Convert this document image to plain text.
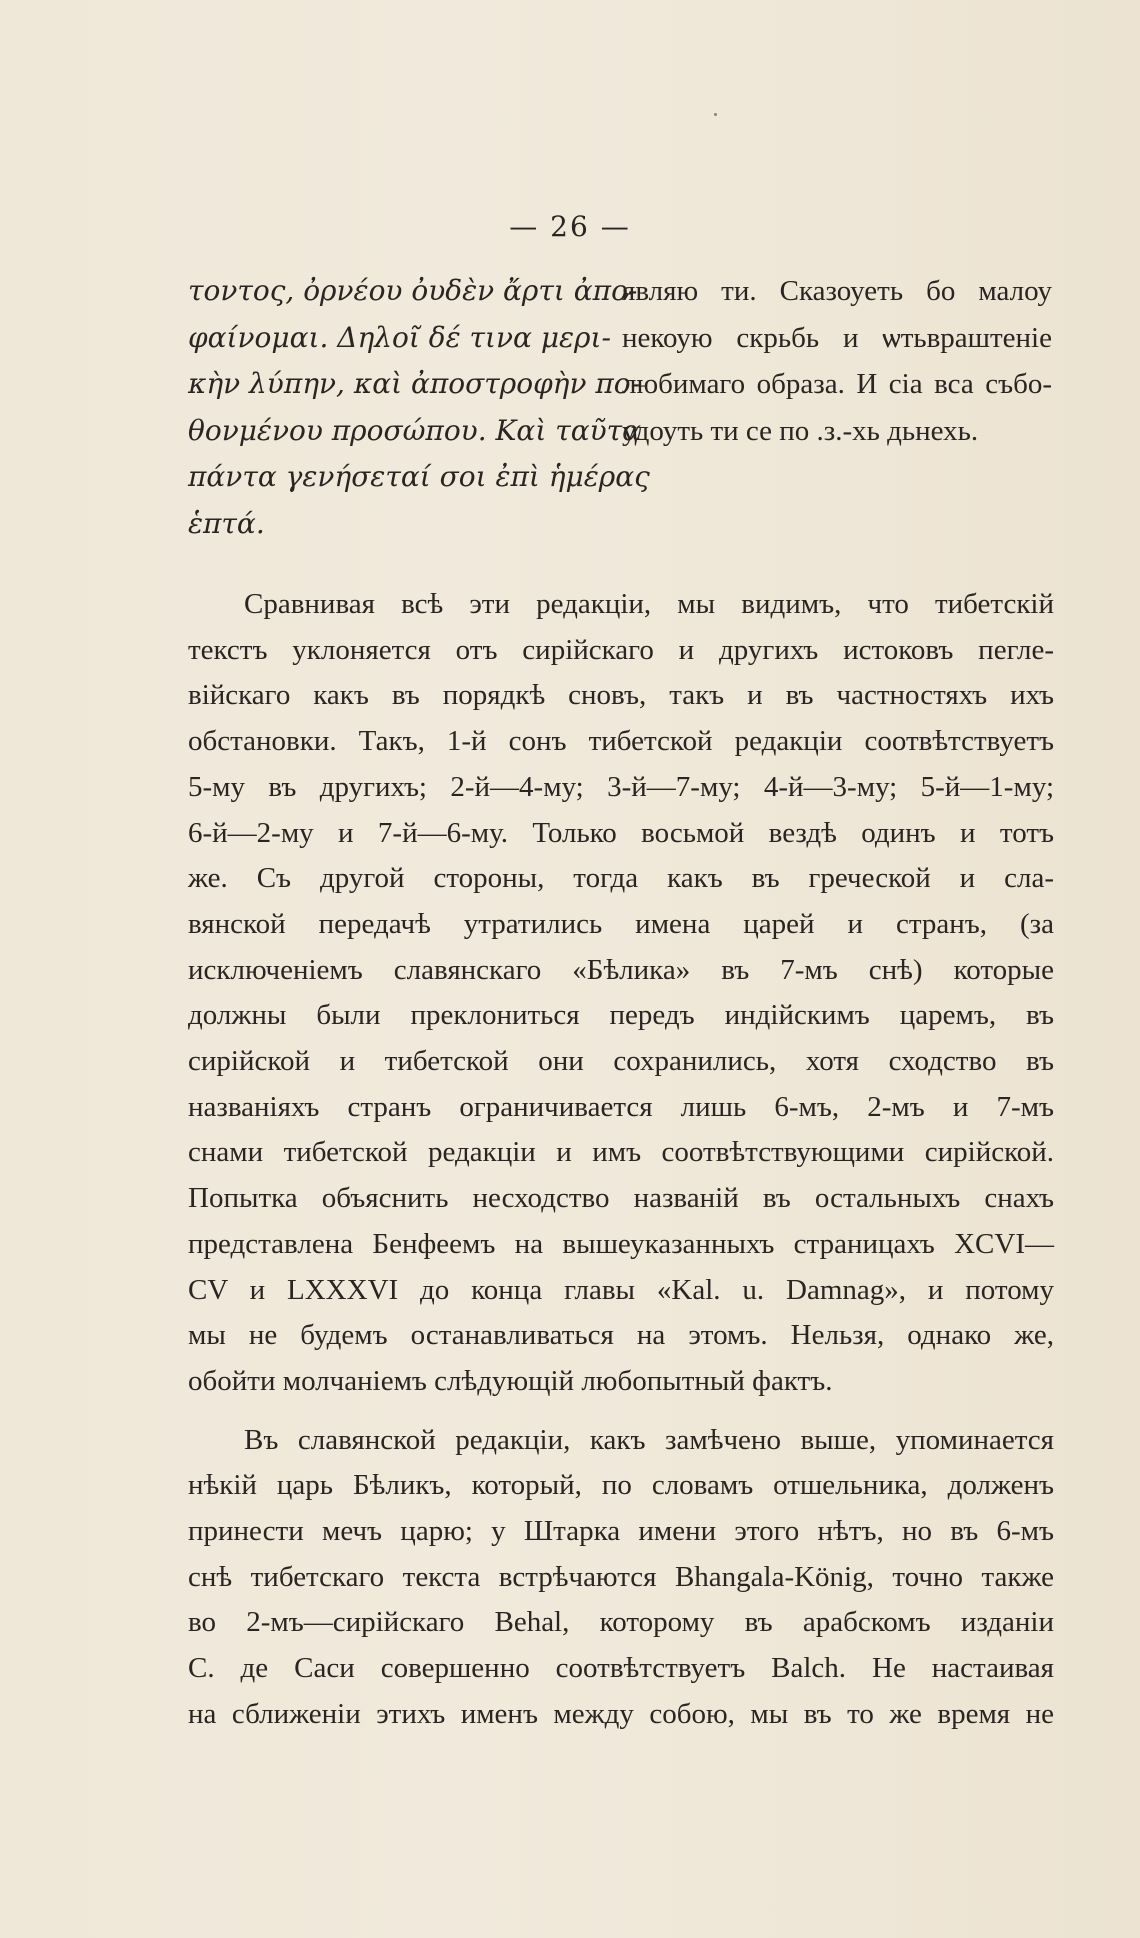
— 26 —
τοντος, ὀρνέου ὀυδὲν ἄρτι ἀπο-
φαίνομαι. Δηλοῖ δέ τινα μερι-
κὴν λύπην, καὶ ἀποστροφὴν πο-
θονμένου προσώπου. Καὶ ταῦτα
πάντα γενήσεταί σοι ἐπὶ ἡμέρας
ἑπτά.
являю ти. Сказоуеть бо малоу
некоую скрьбь и ѡтьвраштеніе
любимаго образа. И сіа вса събо-
удоуть ти се по .з.-хь дьнехь.

Сравнивая всѣ эти редакціи, мы видимъ, что тибетскій
текстъ уклоняется отъ сирійскаго и другихъ истоковъ пегле-
війскаго какъ въ порядкѣ сновъ, такъ и въ частностяхъ ихъ
обстановки. Такъ, 1-й сонъ тибетской редакціи соотвѣтствуетъ
5-му въ другихъ; 2-й—4-му; 3-й—7-му; 4-й—3-му; 5-й—1-му;
6-й—2-му и 7-й—6-му. Только восьмой вездѣ одинъ и тотъ
же. Съ другой стороны, тогда какъ въ греческой и сла-
вянской передачѣ утратились имена царей и странъ, (за
исключеніемъ славянскаго «Бѣлика» въ 7-мъ снѣ) которые
должны были преклониться передъ индійскимъ царемъ, въ
сирійской и тибетской они сохранились, хотя сходство въ
названіяхъ странъ ограничивается лишь 6-мъ, 2-мъ и 7-мъ
снами тибетской редакціи и имъ соотвѣтствующими сирійской.
Попытка объяснить несходство названій въ остальныхъ снахъ
представлена Бенфеемъ на вышеуказанныхъ страницахъ XCVI—
CV и LXXXVI до конца главы «Kal. u. Damnag», и потому
мы не будемъ останавливаться на этомъ. Нельзя, однако же,
обойти молчаніемъ слѣдующій любопытный фактъ.

Въ славянской редакціи, какъ замѣчено выше, упоминается
нѣкій царь Бѣликъ, который, по словамъ отшельника, долженъ
принести мечъ царю; у Штарка имени этого нѣтъ, но въ 6-мъ
снѣ тибетскаго текста встрѣчаются Bhangala-König, точно также
во 2-мъ—сирійскаго Behal, которому въ арабскомъ изданіи
С. де Саси совершенно соотвѣтствуетъ Balch. Не настаивая
на сближеніи этихъ именъ между собою, мы въ то же время не
